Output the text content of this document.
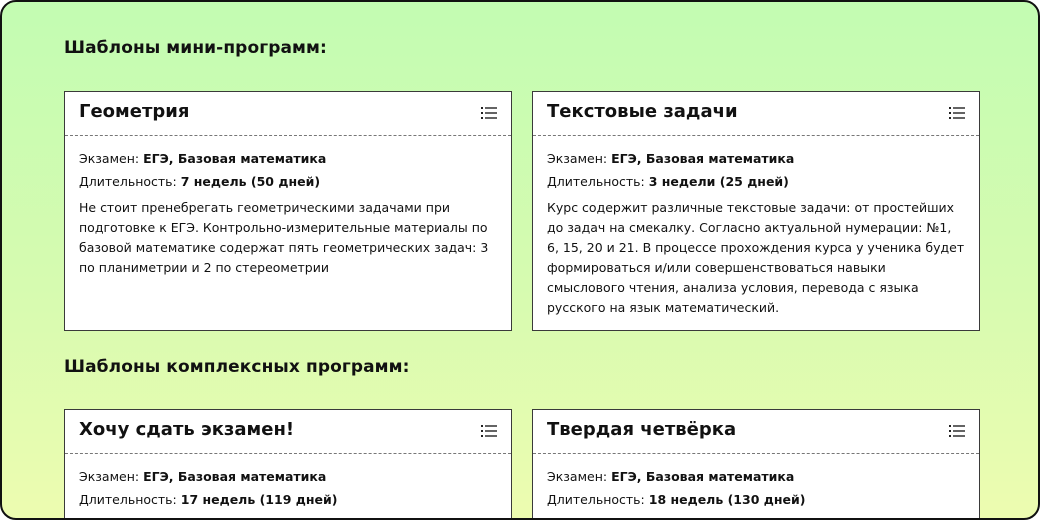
Шаблоны мини-программ:
Геометрия
Экзамен: ЕГЭ, Базовая математика
Длительность: 7 недель (50 дней)
Не стоит пренебрегать геометрическими задачами при подготовке к ЕГЭ. Контрольно-измерительные материалы по базовой математике содержат пять геометрических задач: 3 по планиметрии и 2 по стереометрии
Текстовые задачи
Экзамен: ЕГЭ, Базовая математика
Длительность: 3 недели (25 дней)
Курс содержит различные текстовые задачи: от простейших до задач на смекалку. Согласно актуальной нумерации: №1, 6, 15, 20 и 21. В процессе прохождения курса у ученика будет формироваться и/или совершенствоваться навыки смыслового чтения, анализа условия, перевода с языка русского на язык математический.
Шаблоны комплексных программ:
Хочу сдать экзамен!
Экзамен: ЕГЭ, Базовая математика
Длительность: 17 недель (119 дней)
Твердая четвёрка
Экзамен: ЕГЭ, Базовая математика
Длительность: 18 недель (130 дней)
